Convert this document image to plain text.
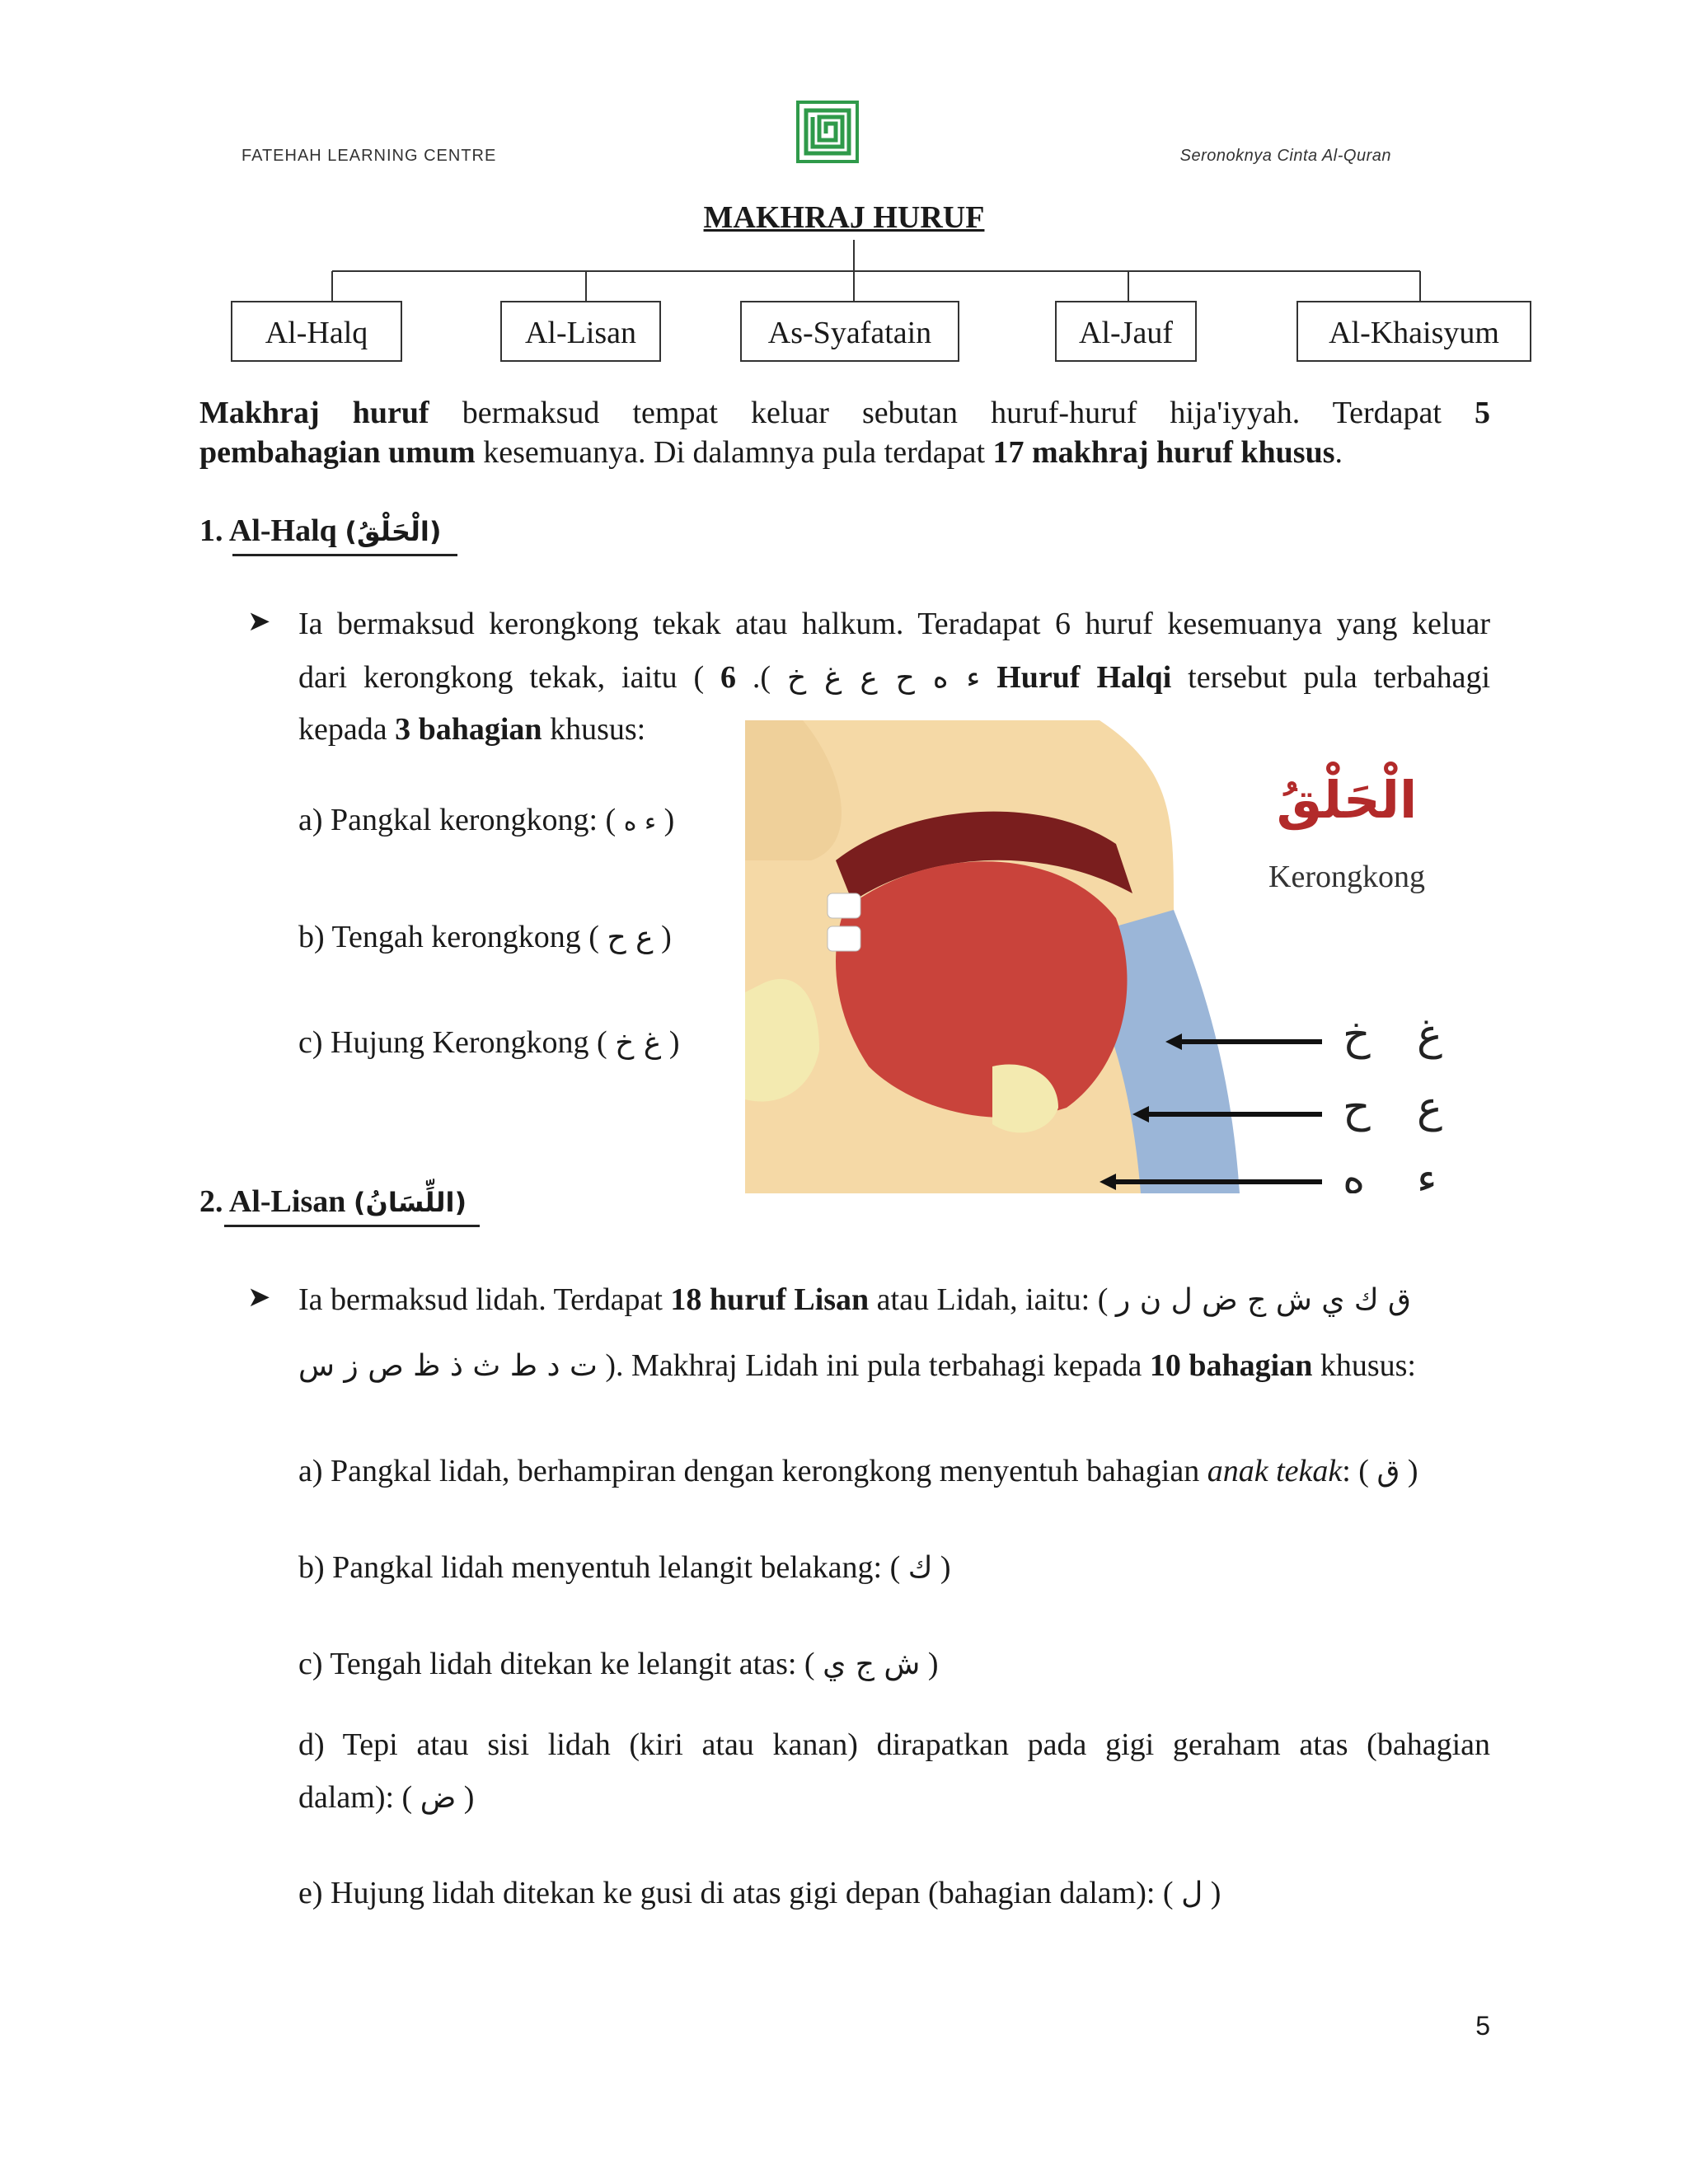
FATEHAH LEARNING CENTRE	Seronoknya Cinta Al-Quran
MAKHRAJ HURUF
Al-Halq	Al-Lisan	As-Syafatain	Al-Jauf	Al-Khaisyum
Makhraj huruf bermaksud tempat keluar sebutan huruf-huruf hija'iyyah. Terdapat 5
pembahagian umum kesemuanya. Di dalamnya pula terdapat 17 makhraj huruf khusus.
1. Al-Halq (الْحَلْقُ)
➤ Ia bermaksud kerongkong tekak atau halkum. Teradapat 6 huruf kesemuanya yang keluar
dari kerongkong tekak, iaitu (	ء ه ح ع غ خ ). 6 Huruf Halqi tersebut pula terbahagi
kepada 3 bahagian khusus:
a) Pangkal kerongkong: ( ء ه )
b) Tengah kerongkong ( ع ح )
c) Hujung Kerongkong ( غ خ )
الْحَلْقُ
Kerongkong
خ غ
ح ع
ه ء
2. Al-Lisan (اللِّسَانُ)
➤ Ia bermaksud lidah. Terdapat 18 huruf Lisan atau Lidah, iaitu: ( ق ك ي ش ج ض ل ن ر
ت د ط ث ذ ظ ص ز س ). Makhraj Lidah ini pula terbahagi kepada 10 bahagian khusus:
a) Pangkal lidah, berhampiran dengan kerongkong menyentuh bahagian anak tekak: ( ق )
b) Pangkal lidah menyentuh lelangit belakang: ( ك )
c) Tengah lidah ditekan ke lelangit atas: ( ش ج ي )
d) Tepi atau sisi lidah (kiri atau kanan) dirapatkan pada gigi geraham atas (bahagian
dalam): ( ض )
e) Hujung lidah ditekan ke gusi di atas gigi depan (bahagian dalam): ( ل )
5
